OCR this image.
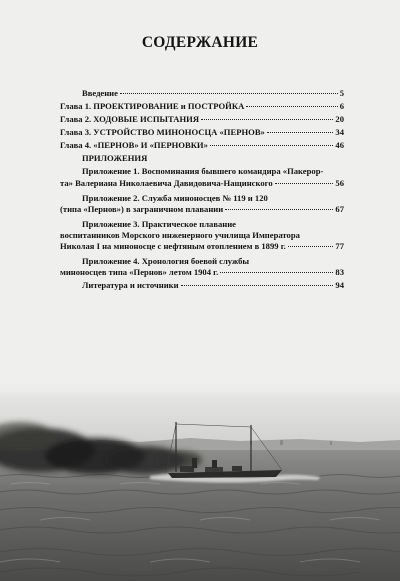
СОДЕРЖАНИЕ
Введение	5
Глава 1. ПРОЕКТИРОВАНИЕ и ПОСТРОЙКА	6
Глава 2. ХОДОВЫЕ ИСПЫТАНИЯ	20
Глава 3. УСТРОЙСТВО МИНОНОСЦА «ПЕРНОВ»	34
Глава 4. «ПЕРНОВ» И «ПЕРНОВКИ»	46
ПРИЛОЖЕНИЯ
Приложение 1. Воспоминания бывшего командира «Пакерор-
та» Валериана Николаевича Давидовича-Нащинского	56
Приложение 2. Служба миноносцев № 119 и 120
(типа «Пернов») в заграничном плавании	67
Приложение 3. Практическое плавание
воспитанников Морского инженерного училища Императора
Николая I на миноносце с нефтяным отоплением в 1899 г.	77
Приложение 4. Хронология боевой службы
миноносцев типа «Пернов» летом 1904 г.	83
Литература и источники	94
